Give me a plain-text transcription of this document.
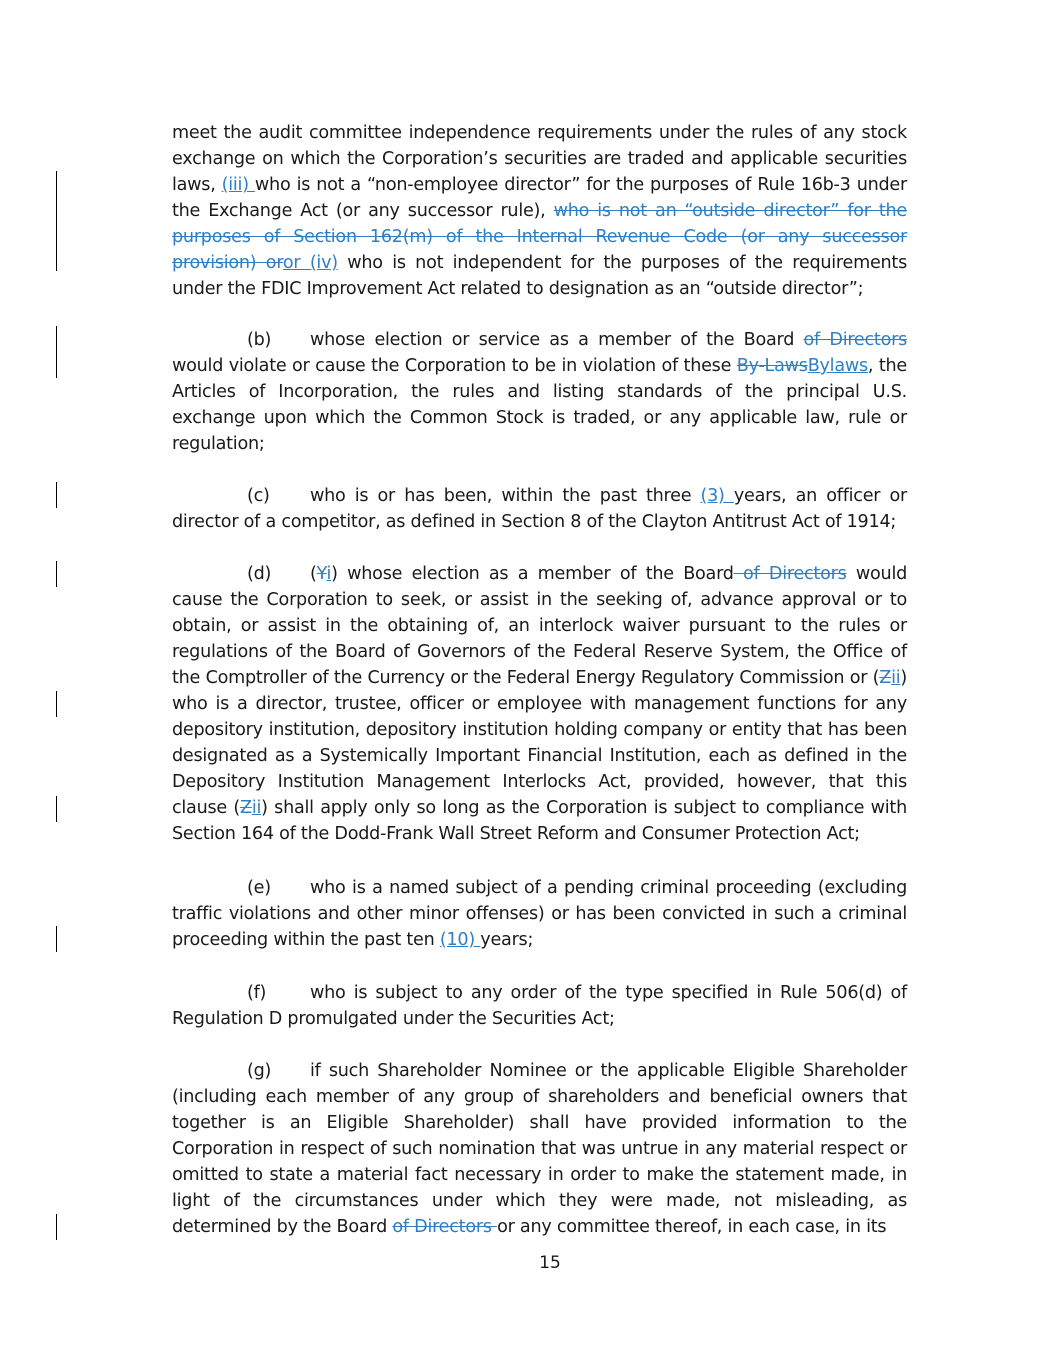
meet the audit committee independence requirements under the rules of any stock exchange on which the Corporation’s securities are traded and applicable securities laws, (iii) who is not a “non-employee director” for the purposes of Rule 16b-3 under the Exchange Act (or any successor rule), who is not an “outside director” for the purposes of Section 162(m) of the Internal Revenue Code (or any successor provision) oror (iv) who is not independent for the purposes of the requirements under the FDIC Improvement Act related to designation as an “outside director”;

(b) whose election or service as a member of the Board of Directors would violate or cause the Corporation to be in violation of these By-LawsBylaws, the Articles of Incorporation, the rules and listing standards of the principal U.S. exchange upon which the Common Stock is traded, or any applicable law, rule or regulation;

(c) who is or has been, within the past three (3) years, an officer or director of a competitor, as defined in Section 8 of the Clayton Antitrust Act of 1914;

(d) (Yi) whose election as a member of the Board of Directors would cause the Corporation to seek, or assist in the seeking of, advance approval or to obtain, or assist in the obtaining of, an interlock waiver pursuant to the rules or regulations of the Board of Governors of the Federal Reserve System, the Office of the Comptroller of the Currency or the Federal Energy Regulatory Commission or (Zii) who is a director, trustee, officer or employee with management functions for any depository institution, depository institution holding company or entity that has been designated as a Systemically Important Financial Institution, each as defined in the Depository Institution Management Interlocks Act, provided, however, that this clause (Zii) shall apply only so long as the Corporation is subject to compliance with Section 164 of the Dodd-Frank Wall Street Reform and Consumer Protection Act;

(e) who is a named subject of a pending criminal proceeding (excluding traffic violations and other minor offenses) or has been convicted in such a criminal proceeding within the past ten (10) years;

(f) who is subject to any order of the type specified in Rule 506(d) of Regulation D promulgated under the Securities Act;

(g) if such Shareholder Nominee or the applicable Eligible Shareholder (including each member of any group of shareholders and beneficial owners that together is an Eligible Shareholder) shall have provided information to the Corporation in respect of such nomination that was untrue in any material respect or omitted to state a material fact necessary in order to make the statement made, in light of the circumstances under which they were made, not misleading, as determined by the Board of Directors or any committee thereof, in each case, in its

15
